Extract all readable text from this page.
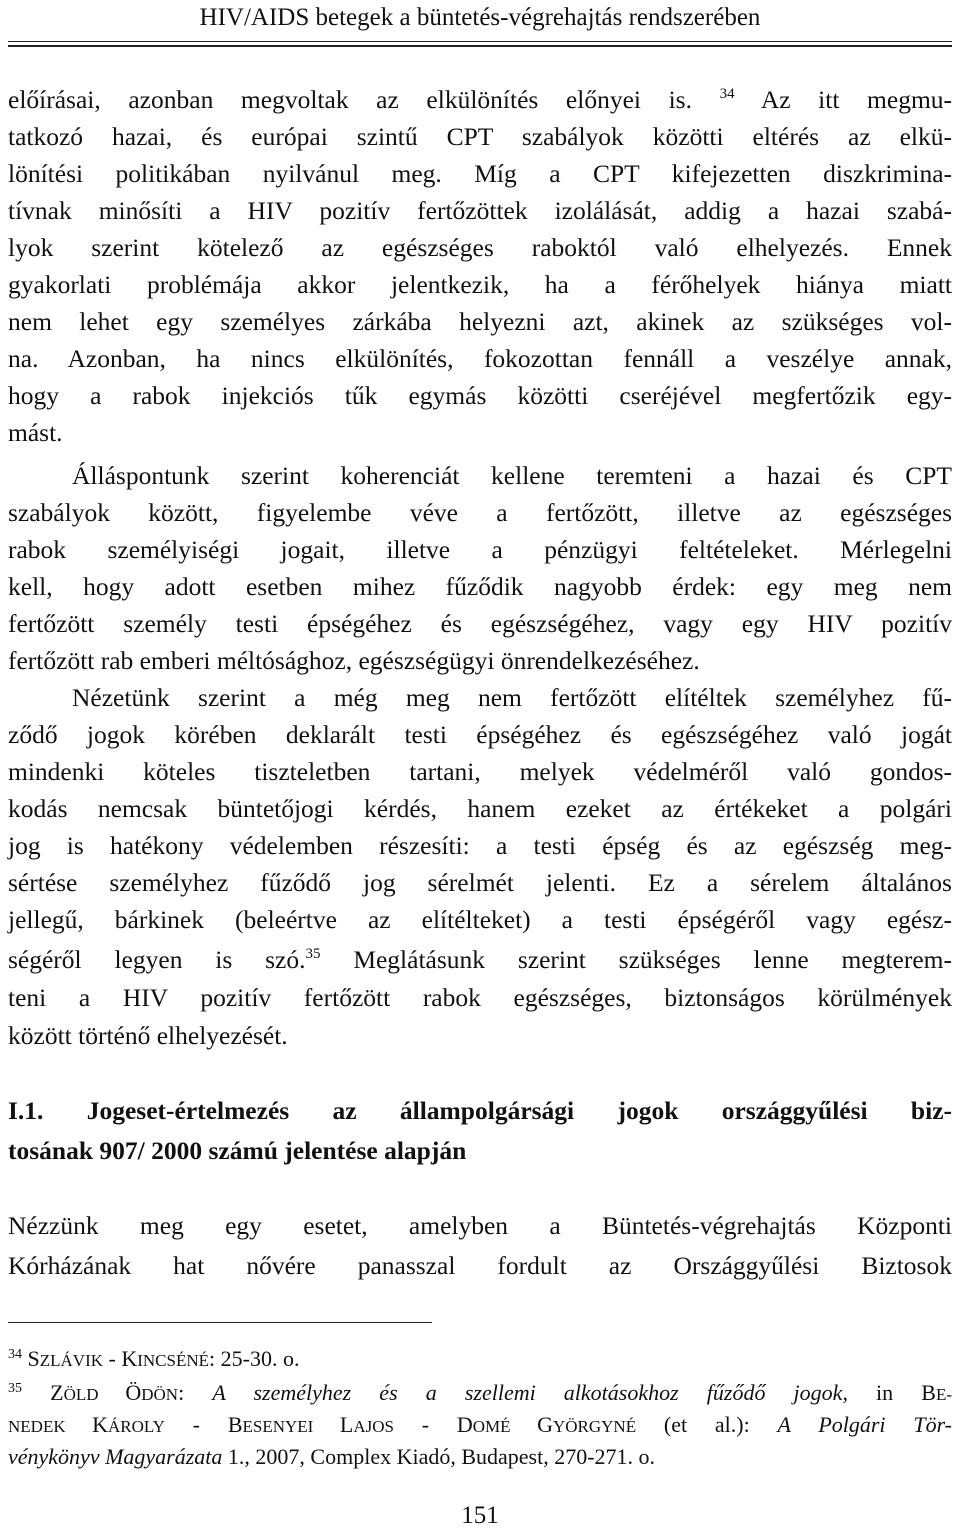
HIV/AIDS betegek a büntetés-végrehajtás rendszerében
előírásai, azonban megvoltak az elkülönítés előnyei is. $^{34}$ Az itt megmu-
tatkozó hazai, és európai szintű CPT szabályok közötti eltérés az elkü-
lönítési politikában nyilvánul meg. Míg a CPT kifejezetten diszkrimina-
tívnak minősíti a HIV pozitív fertőzöttek izolálását, addig a hazai szabá-
lyok szerint kötelező az egészséges raboktól való elhelyezés. Ennek
gyakorlati problémája akkor jelentkezik, ha a férőhelyek hiánya miatt
nem lehet egy személyes zárkába helyezni azt, akinek az szükséges vol-
na. Azonban, ha nincs elkülönítés, fokozottan fennáll a veszélye annak,
hogy a rabok injekciós tűk egymás közötti cseréjével megfertőzik egy-
mást.
Álláspontunk szerint koherenciát kellene teremteni a hazai és CPT
szabályok között, figyelembe véve a fertőzött, illetve az egészséges
rabok személyiségi jogait, illetve a pénzügyi feltételeket. Mérlegelni
kell, hogy adott esetben mihez fűződik nagyobb érdek: egy meg nem
fertőzött személy testi épségéhez és egészségéhez, vagy egy HIV pozitív
fertőzött rab emberi méltósághoz, egészségügyi önrendelkezéséhez.
Nézetünk szerint a még meg nem fertőzött elítéltek személyhez fű-
ződő jogok körében deklarált testi épségéhez és egészségéhez való jogát
mindenki köteles tiszteletben tartani, melyek védelméről való gondos-
kodás nemcsak büntetőjogi kérdés, hanem ezeket az értékeket a polgári
jog is hatékony védelemben részesíti: a testi épség és az egészség meg-
sértése személyhez fűződő jog sérelmét jelenti. Ez a sérelem általános
jellegű, bárkinek (beleértve az elítélteket) a testi épségéről vagy egész-
ségéről legyen is szó.$^{35}$ Meglátásunk szerint szükséges lenne megterem-
teni a HIV pozitív fertőzött rabok egészséges, biztonságos körülmények
között történő elhelyezését.
I.1. Jogeset-értelmezés az állampolgársági jogok országgyűlési biz-
tosának 907/ 2000 számú jelentése alapján
Nézzünk meg egy esetet, amelyben a Büntetés-végrehajtás Központi
Kórházának hat nővére panasszal fordult az Országgyűlési Biztosok
$^{34}$ SZLÁVIK - KINCSÉNÉ: 25-30. o.
$^{35}$ ZÖLD ÖDÖN: A személyhez és a szellemi alkotásokhoz fűződő jogok, in BE-
NEDEK KÁROLY - BESENYEI LAJOS - DOMÉ GYÖRGYNÉ (et al.): A Polgári Tör-
vénykönyv Magyarázata 1., 2007, Complex Kiadó, Budapest, 270-271. o.
151
